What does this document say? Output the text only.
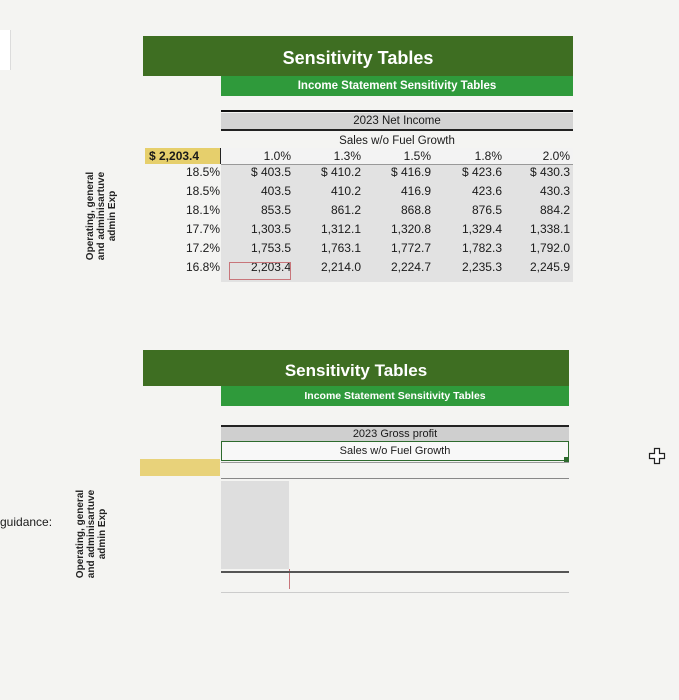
Sensitivity Tables
Income Statement Sensitivity Tables
2023 Net Income
Sales w/o Fuel Growth
$ 2,203.4
Operating, general and adminisartuve admin Exp
1.0%	1.3%	1.5%	1.8%	2.0%
18.5%	$ 403.5	$ 410.2	$ 416.9	$ 423.6	$ 430.3
18.5%	403.5	410.2	416.9	423.6	430.3
18.1%	853.5	861.2	868.8	876.5	884.2
17.7%	1,303.5	1,312.1	1,320.8	1,329.4	1,338.1
17.2%	1,753.5	1,763.1	1,772.7	1,782.3	1,792.0
16.8%	2,203.4	2,214.0	2,224.7	2,235.3	2,245.9
Sensitivity Tables
Income Statement Sensitivity Tables
2023 Gross profit
Sales w/o Fuel Growth
Operating, general and adminisartuve admin Exp
guidance:
